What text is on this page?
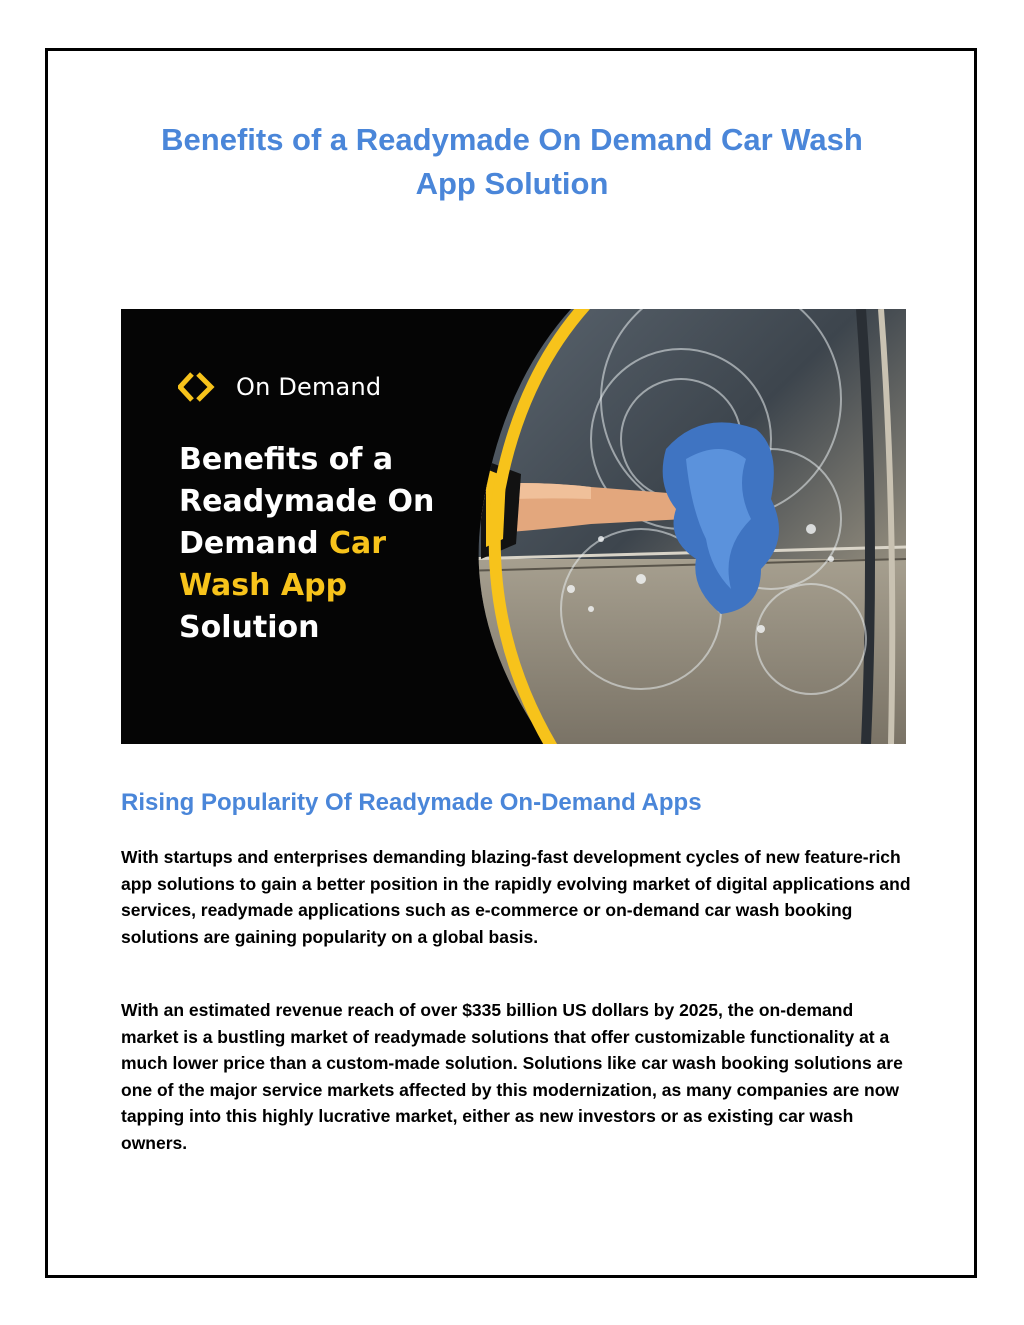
Benefits of a Readymade On Demand Car Wash
App Solution
On Demand
Benefits of a
Readymade On
Demand Car
Wash App
Solution
Rising Popularity Of Readymade On-Demand Apps

With startups and enterprises demanding blazing-fast development cycles of new feature-rich app solutions to gain a better position in the rapidly evolving market of digital applications and services, readymade applications such as e-commerce or on-demand car wash booking solutions are gaining popularity on a global basis.

With an estimated revenue reach of over $335 billion US dollars by 2025, the on-demand market is a bustling market of readymade solutions that offer customizable functionality at a much lower price than a custom-made solution. Solutions like car wash booking solutions are one of the major service markets affected by this modernization, as many companies are now tapping into this highly lucrative market, either as new investors or as existing car wash owners.
